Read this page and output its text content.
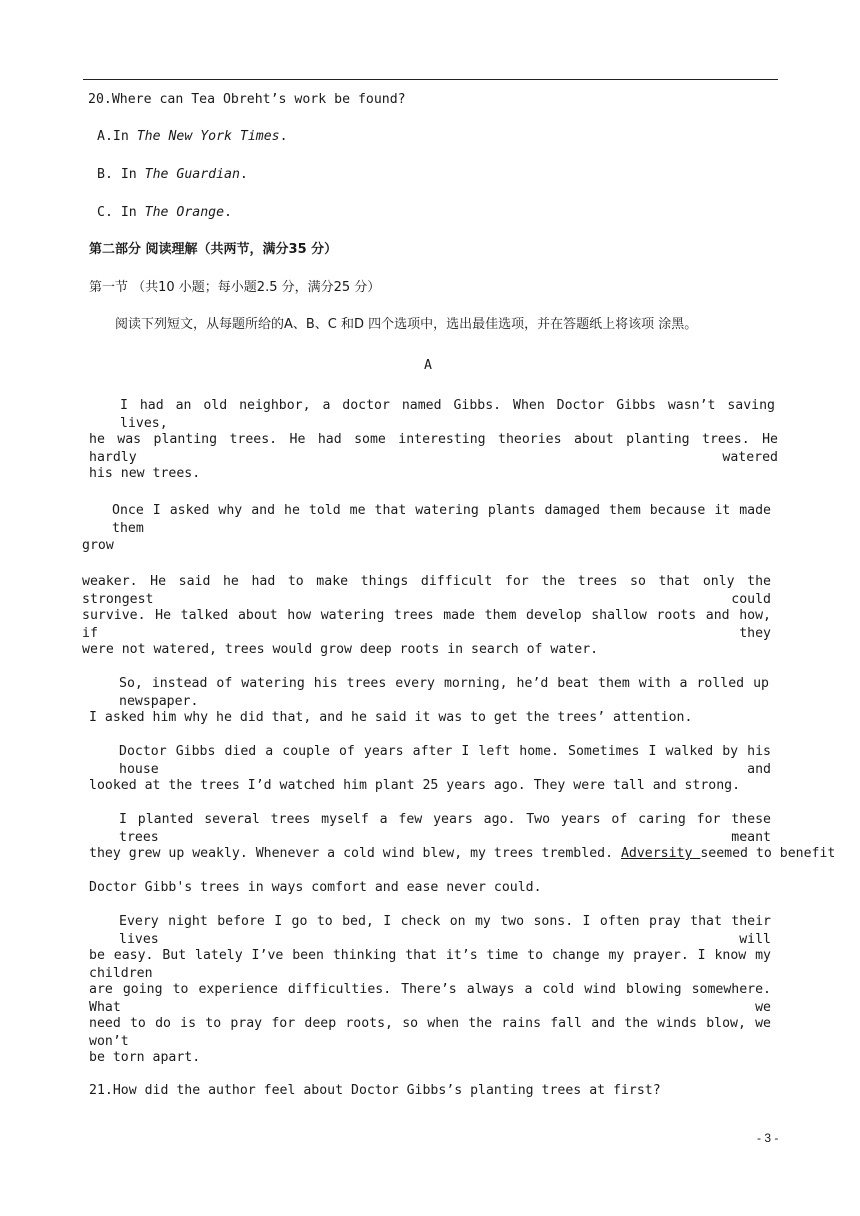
20.Where can Tea Obreht’s work be found?
A.In The New York Times.
B. In The Guardian.
C. In The Orange.
第二部分 阅读理解（共两节，满分35 分）
第一节 （共10 小题；每小题2.5 分，满分25 分）
阅读下列短文，从每题所给的A、B、C 和D 四个选项中，选出最佳选项，并在答题纸上将该项 涂黑。
A
I had an old neighbor, a doctor named Gibbs. When Doctor Gibbs wasn’t saving lives,
he was planting trees. He had some interesting theories about planting trees. He hardly watered
his new trees.
Once I asked why and he told me that watering plants damaged them because it made them
grow
weaker. He said he had to make things difficult for the trees so that only the strongest could
survive. He talked about how watering trees made them develop shallow roots and how, if they
were not watered, trees would grow deep roots in search of water.
So, instead of watering his trees every morning, he’d beat them with a rolled up newspaper.
I asked him why he did that, and he said it was to get the trees’ attention.
Doctor Gibbs died a couple of years after I left home. Sometimes I walked by his house and
looked at the trees I’d watched him plant 25 years ago. They were tall and strong.
I planted several trees myself a few years ago. Two years of caring for these trees meant
they grew up weakly. Whenever a cold wind blew, my trees trembled. Adversity seemed to benefit
Doctor Gibb's trees in ways comfort and ease never could.
Every night before I go to bed, I check on my two sons. I often pray that their lives will
be easy. But lately I’ve been thinking that it’s time to change my prayer. I know my children
are going to experience difficulties. There’s always a cold wind blowing somewhere. What we
need to do is to pray for deep roots, so when the rains fall and the winds blow, we won’t
be torn apart.
21.How did the author feel about Doctor Gibbs’s planting trees at first?
- 3 -
